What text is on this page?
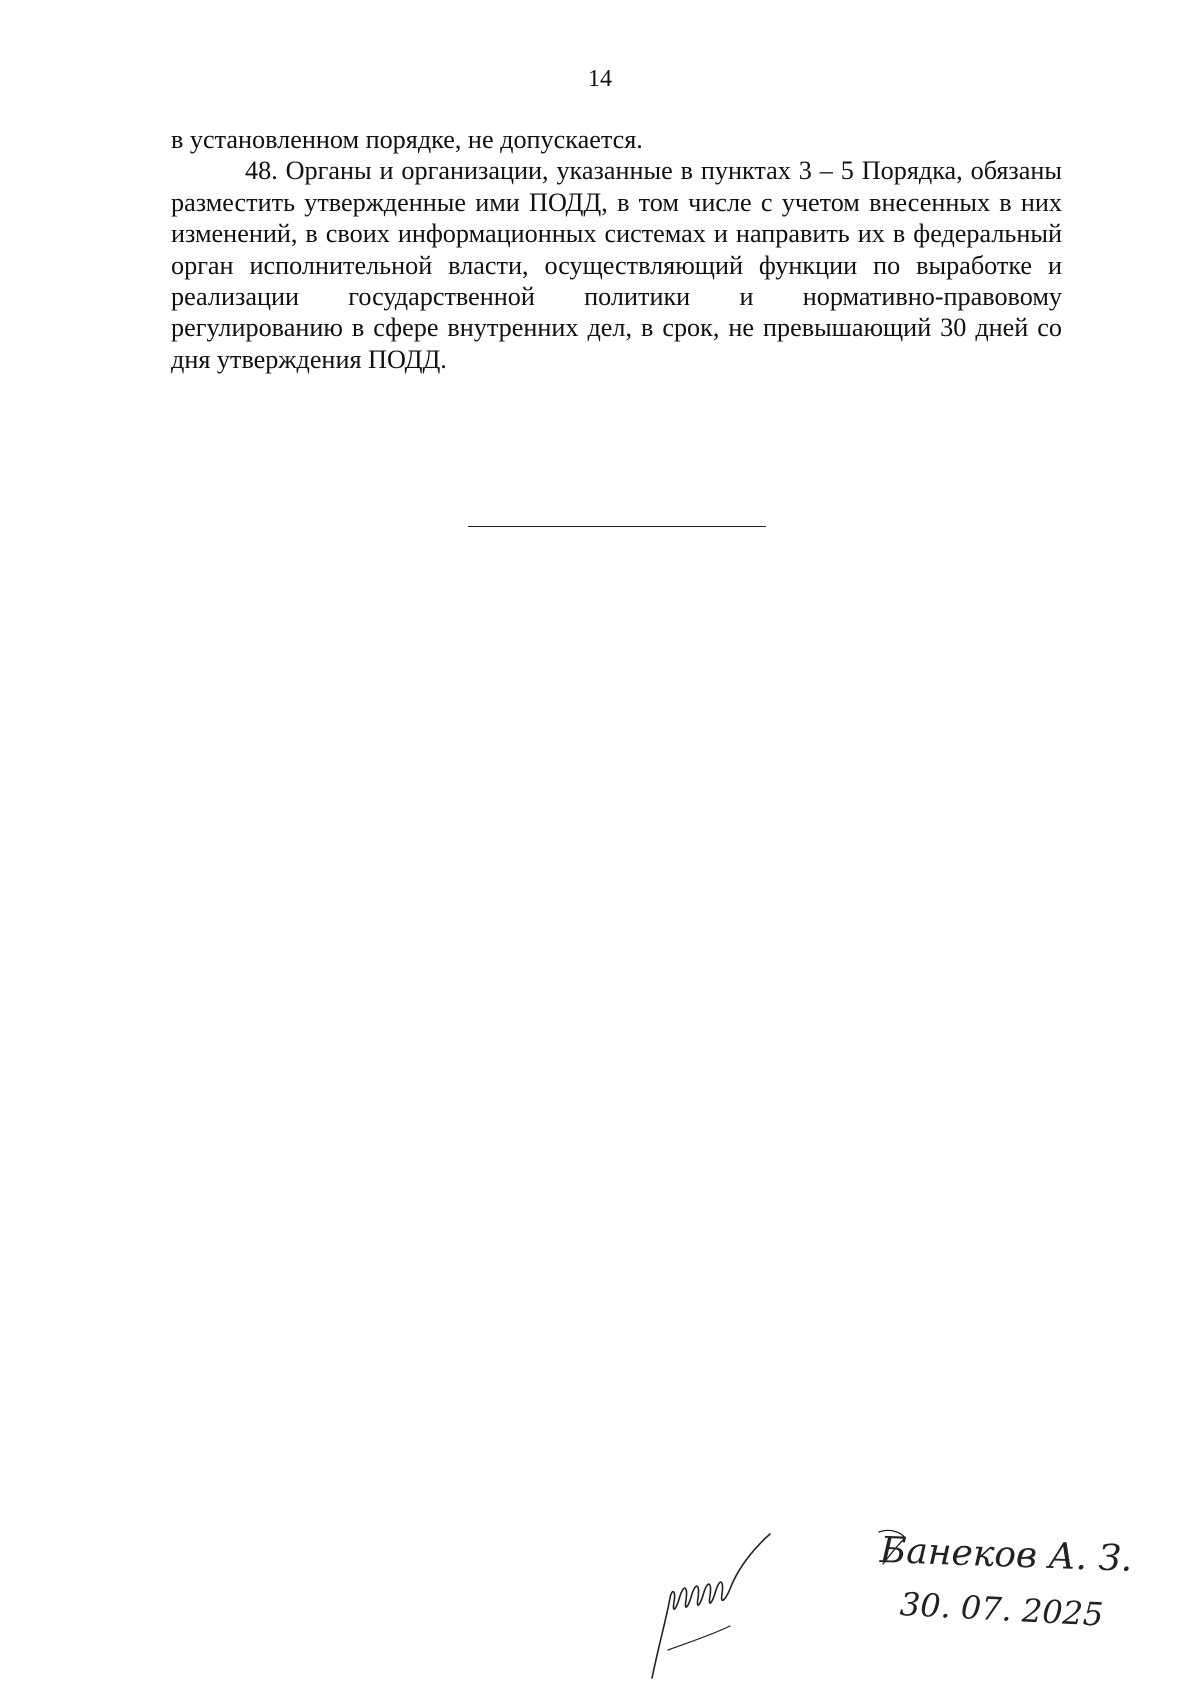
14

в установленном порядке, не допускается.

48. Органы и организации, указанные в пунктах 3 – 5 Порядка, обязаны разместить утвержденные ими ПОДД, в том числе с учетом внесенных в них изменений, в своих информационных системах и направить их в федеральный орган исполнительной власти, осуществляющий функции по выработке и реализации государственной политики и нормативно-правовому регулированию в сфере внутренних дел, в срок, не превышающий 30 дней со дня утверждения ПОДД.

Банеков А. З.
30. 07. 2025
